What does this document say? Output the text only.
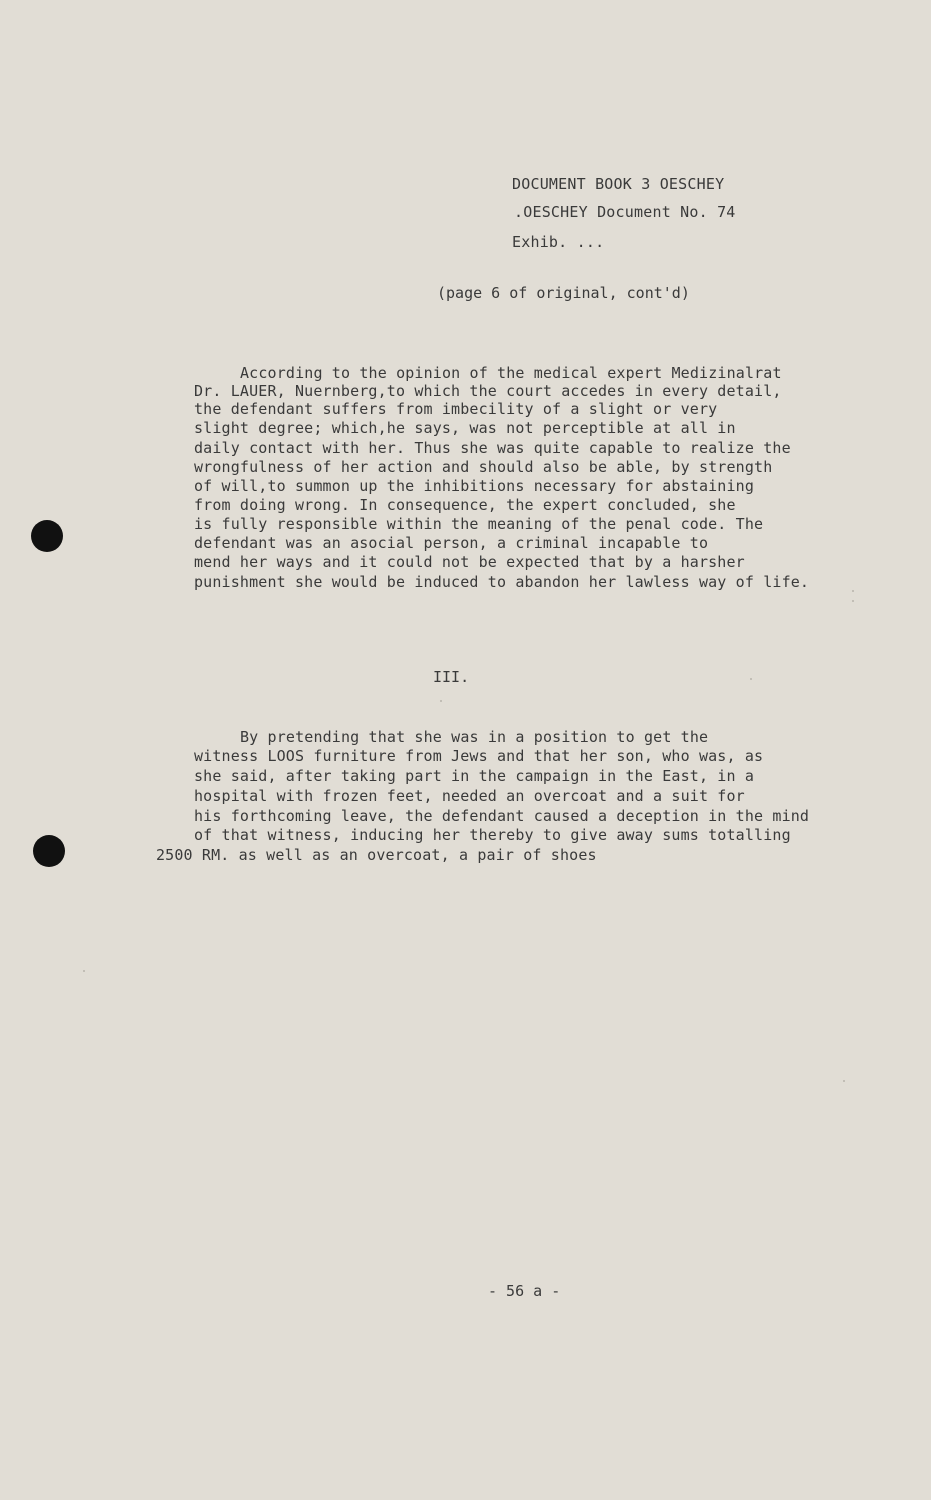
DOCUMENT BOOK 3 OESCHEY
.OESCHEY Document No. 74
Exhib. ...
(page 6 of original, cont'd)
According to the opinion of the medical expert Medizinalrat
Dr. LAUER, Nuernberg,to which the court accedes in every detail,
the defendant suffers from imbecility of a slight or very
slight degree; which,he says, was not perceptible at all in
daily contact with her. Thus she was quite capable to realize the
wrongfulness of her action and should also be able, by strength
of will,to summon up the inhibitions necessary for abstaining
from doing wrong. In consequence, the expert concluded, she
is fully responsible within the meaning of the penal code. The
defendant was an asocial person, a criminal incapable to
mend her ways and it could not be expected that by a harsher
punishment she would be induced to abandon her lawless way of life.
III.
By pretending that she was in a position to get the
witness LOOS furniture from Jews and that her son, who was, as
she said, after taking part in the campaign in the East, in a
hospital with frozen feet, needed an overcoat and a suit for
his forthcoming leave, the defendant caused a deception in the mind
of that witness, inducing her thereby to give away sums totalling
2500 RM. as well as an overcoat, a pair of shoes
- 56 a -
